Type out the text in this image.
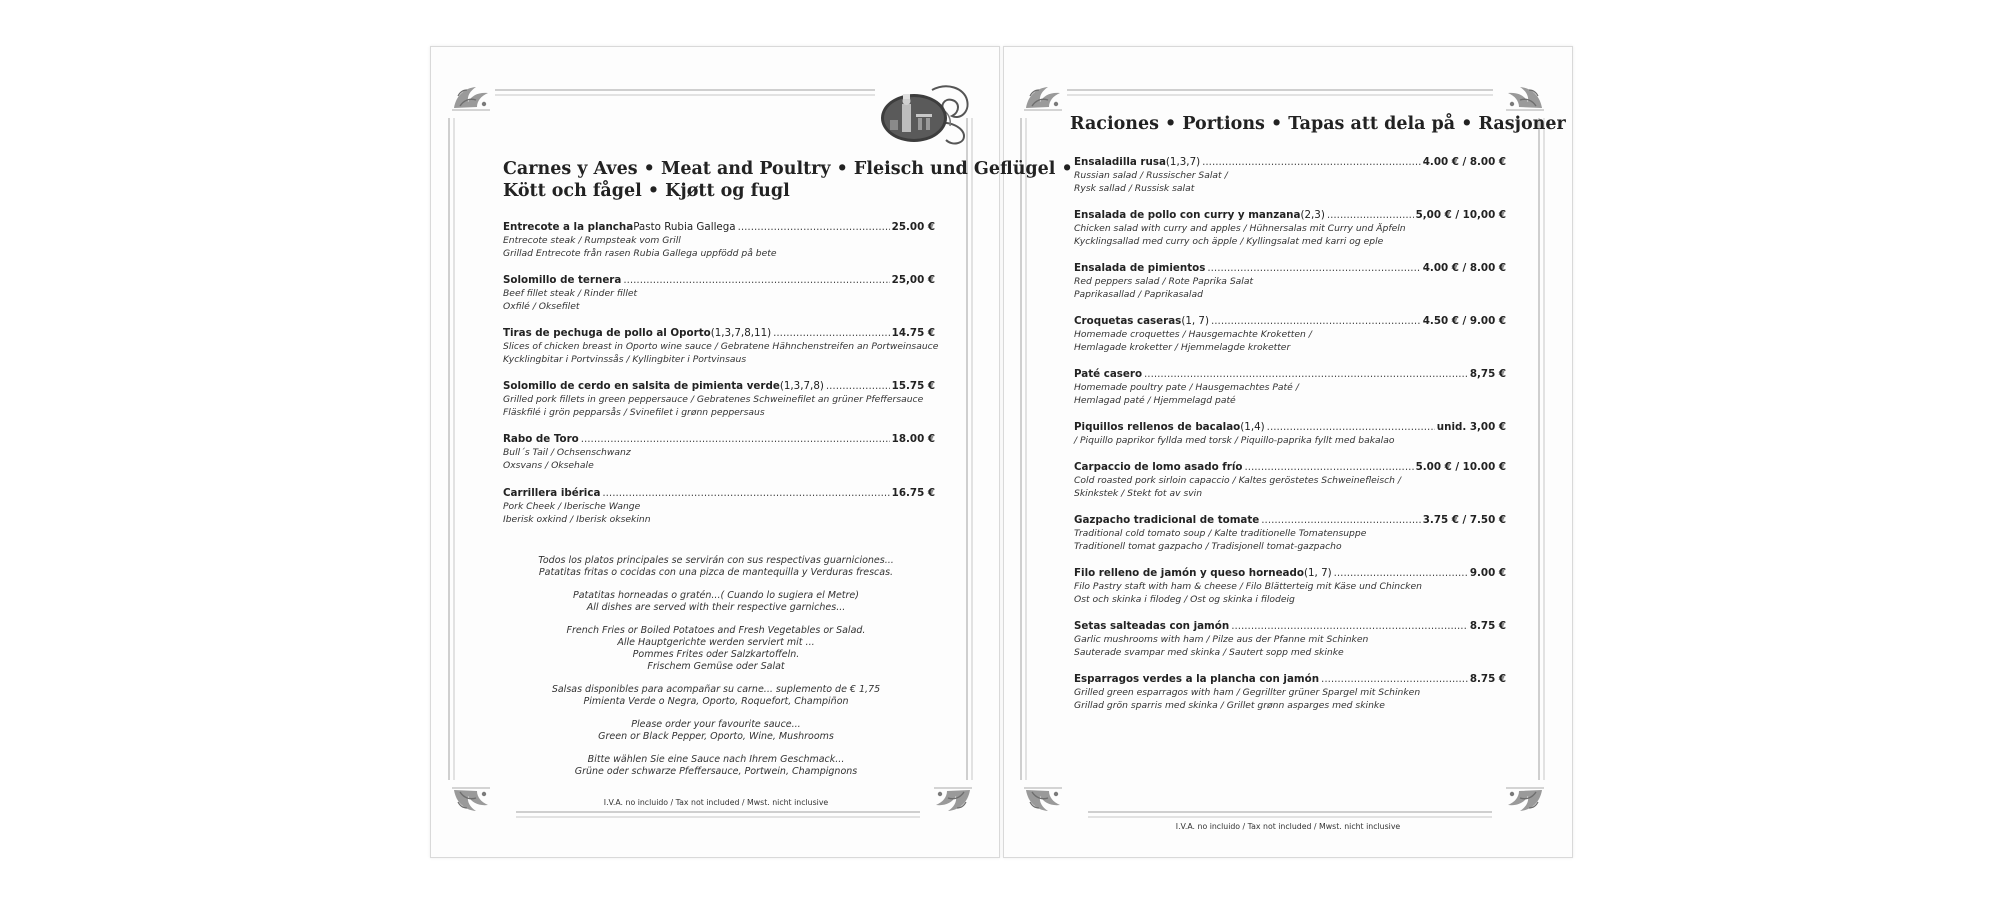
Carnes y Aves • Meat and Poultry • Fleisch und Geflügel •
Kött och fågel • Kjøtt og fugl
Entrecote a la plancha Pasto Rubia Gallega .....	25.00 €
Entrecote steak / Rumpsteak vom Grill
Grillad Entrecote från rasen Rubia Gallega uppfödd på bete
Solomillo de ternera .....	25,00 €
Beef fillet steak / Rinder fillet
Oxfilé / Oksefilet
Tiras de pechuga de pollo al Oporto (1,3,7,8,11) .....	14.75 €
Slices of chicken breast in Oporto wine sauce / Gebratene Hähnchenstreifen an Portweinsauce
Kycklingbitar i Portvinssås / Kyllingbiter i Portvinsaus
Solomillo de cerdo en salsita de pimienta verde (1,3,7,8) .....	15.75 €
Grilled pork fillets in green peppersauce / Gebratenes Schweinefilet an grüner Pfeffersauce
Fläskfilé i grön pepparsås / Svinefilet i grønn peppersaus
Rabo de Toro .....	18.00 €
Bull´s Tail / Ochsenschwanz
Oxsvans / Oksehale
Carrillera ibérica .....	16.75 €
Pork Cheek / Iberische Wange
Iberisk oxkind / Iberisk oksekinn
Todos los platos principales se servirán con sus respectivas guarniciones...
Patatitas fritas o cocidas con una pizca de mantequilla y Verduras frescas.
Patatitas horneadas o gratén...( Cuando lo sugiera el Metre)
All dishes are served with their respective garniches...
French Fries or Boiled Potatoes and Fresh Vegetables or Salad.
Alle Hauptgerichte werden serviert mit ...
Pommes Frites oder Salzkartoffeln.
Frischem Gemüse oder Salat
Salsas disponibles para acompañar su carne... suplemento de € 1,75
Pimienta Verde o Negra, Oporto, Roquefort, Champiñon
Please order your favourite sauce...
Green or Black Pepper, Oporto, Wine, Mushrooms
Bitte wählen Sie eine Sauce nach Ihrem Geschmack...
Grüne oder schwarze Pfeffersauce, Portwein, Champignons
I.V.A. no incluido / Tax not included / Mwst. nicht inclusive
Raciones • Portions • Tapas att dela på • Rasjoner
Ensaladilla rusa (1,3,7) .....	4.00 € / 8.00 €
Russian salad / Russischer Salat /
Rysk sallad / Russisk salat
Ensalada de pollo con curry y manzana (2,3) .....	5,00 € / 10,00 €
Chicken salad with curry and apples / Hühnersalas mit Curry und Äpfeln
Kycklingsallad med curry och äpple / Kyllingsalat med karri og eple
Ensalada de pimientos .....	4.00 € / 8.00 €
Red peppers salad / Rote Paprika Salat
Paprikasallad / Paprikasalad
Croquetas caseras (1, 7) .....	4.50 € / 9.00 €
Homemade croquettes / Hausgemachte Kroketten /
Hemlagade kroketter / Hjemmelagde kroketter
Paté casero .....	8,75 €
Homemade poultry pate / Hausgemachtes Paté /
Hemlagad paté / Hjemmelagd paté
Piquillos rellenos de bacalao (1,4) .....	unid. 3,00 €
/ Piquillo paprikor fyllda med torsk / Piquillo-paprika fyllt med bakalao
Carpaccio de lomo asado frío .....	5.00 € / 10.00 €
Cold roasted pork sirloin capaccio / Kaltes geröstetes Schweinefleisch /
Skinkstek / Stekt fot av svin
Gazpacho tradicional de tomate .....	3.75 € / 7.50 €
Traditional cold tomato soup / Kalte traditionelle Tomatensuppe
Traditionell tomat gazpacho / Tradisjonell tomat-gazpacho
Filo relleno de jamón y queso horneado (1, 7) .....	9.00 €
Filo Pastry staft with ham & cheese / Filo Blätterteig mit Käse und Chincken
Ost och skinka i filodeg / Ost og skinka i filodeig
Setas salteadas con jamón .....	8.75 €
Garlic mushrooms with ham / Pilze aus der Pfanne mit Schinken
Sauterade svampar med skinka / Sautert sopp med skinke
Esparragos verdes a la plancha con jamón .....	8.75 €
Grilled green esparragos with ham / Gegrillter grüner Spargel mit Schinken
Grillad grön sparris med skinka / Grillet grønn asparges med skinke
I.V.A. no incluido / Tax not included / Mwst. nicht inclusive
